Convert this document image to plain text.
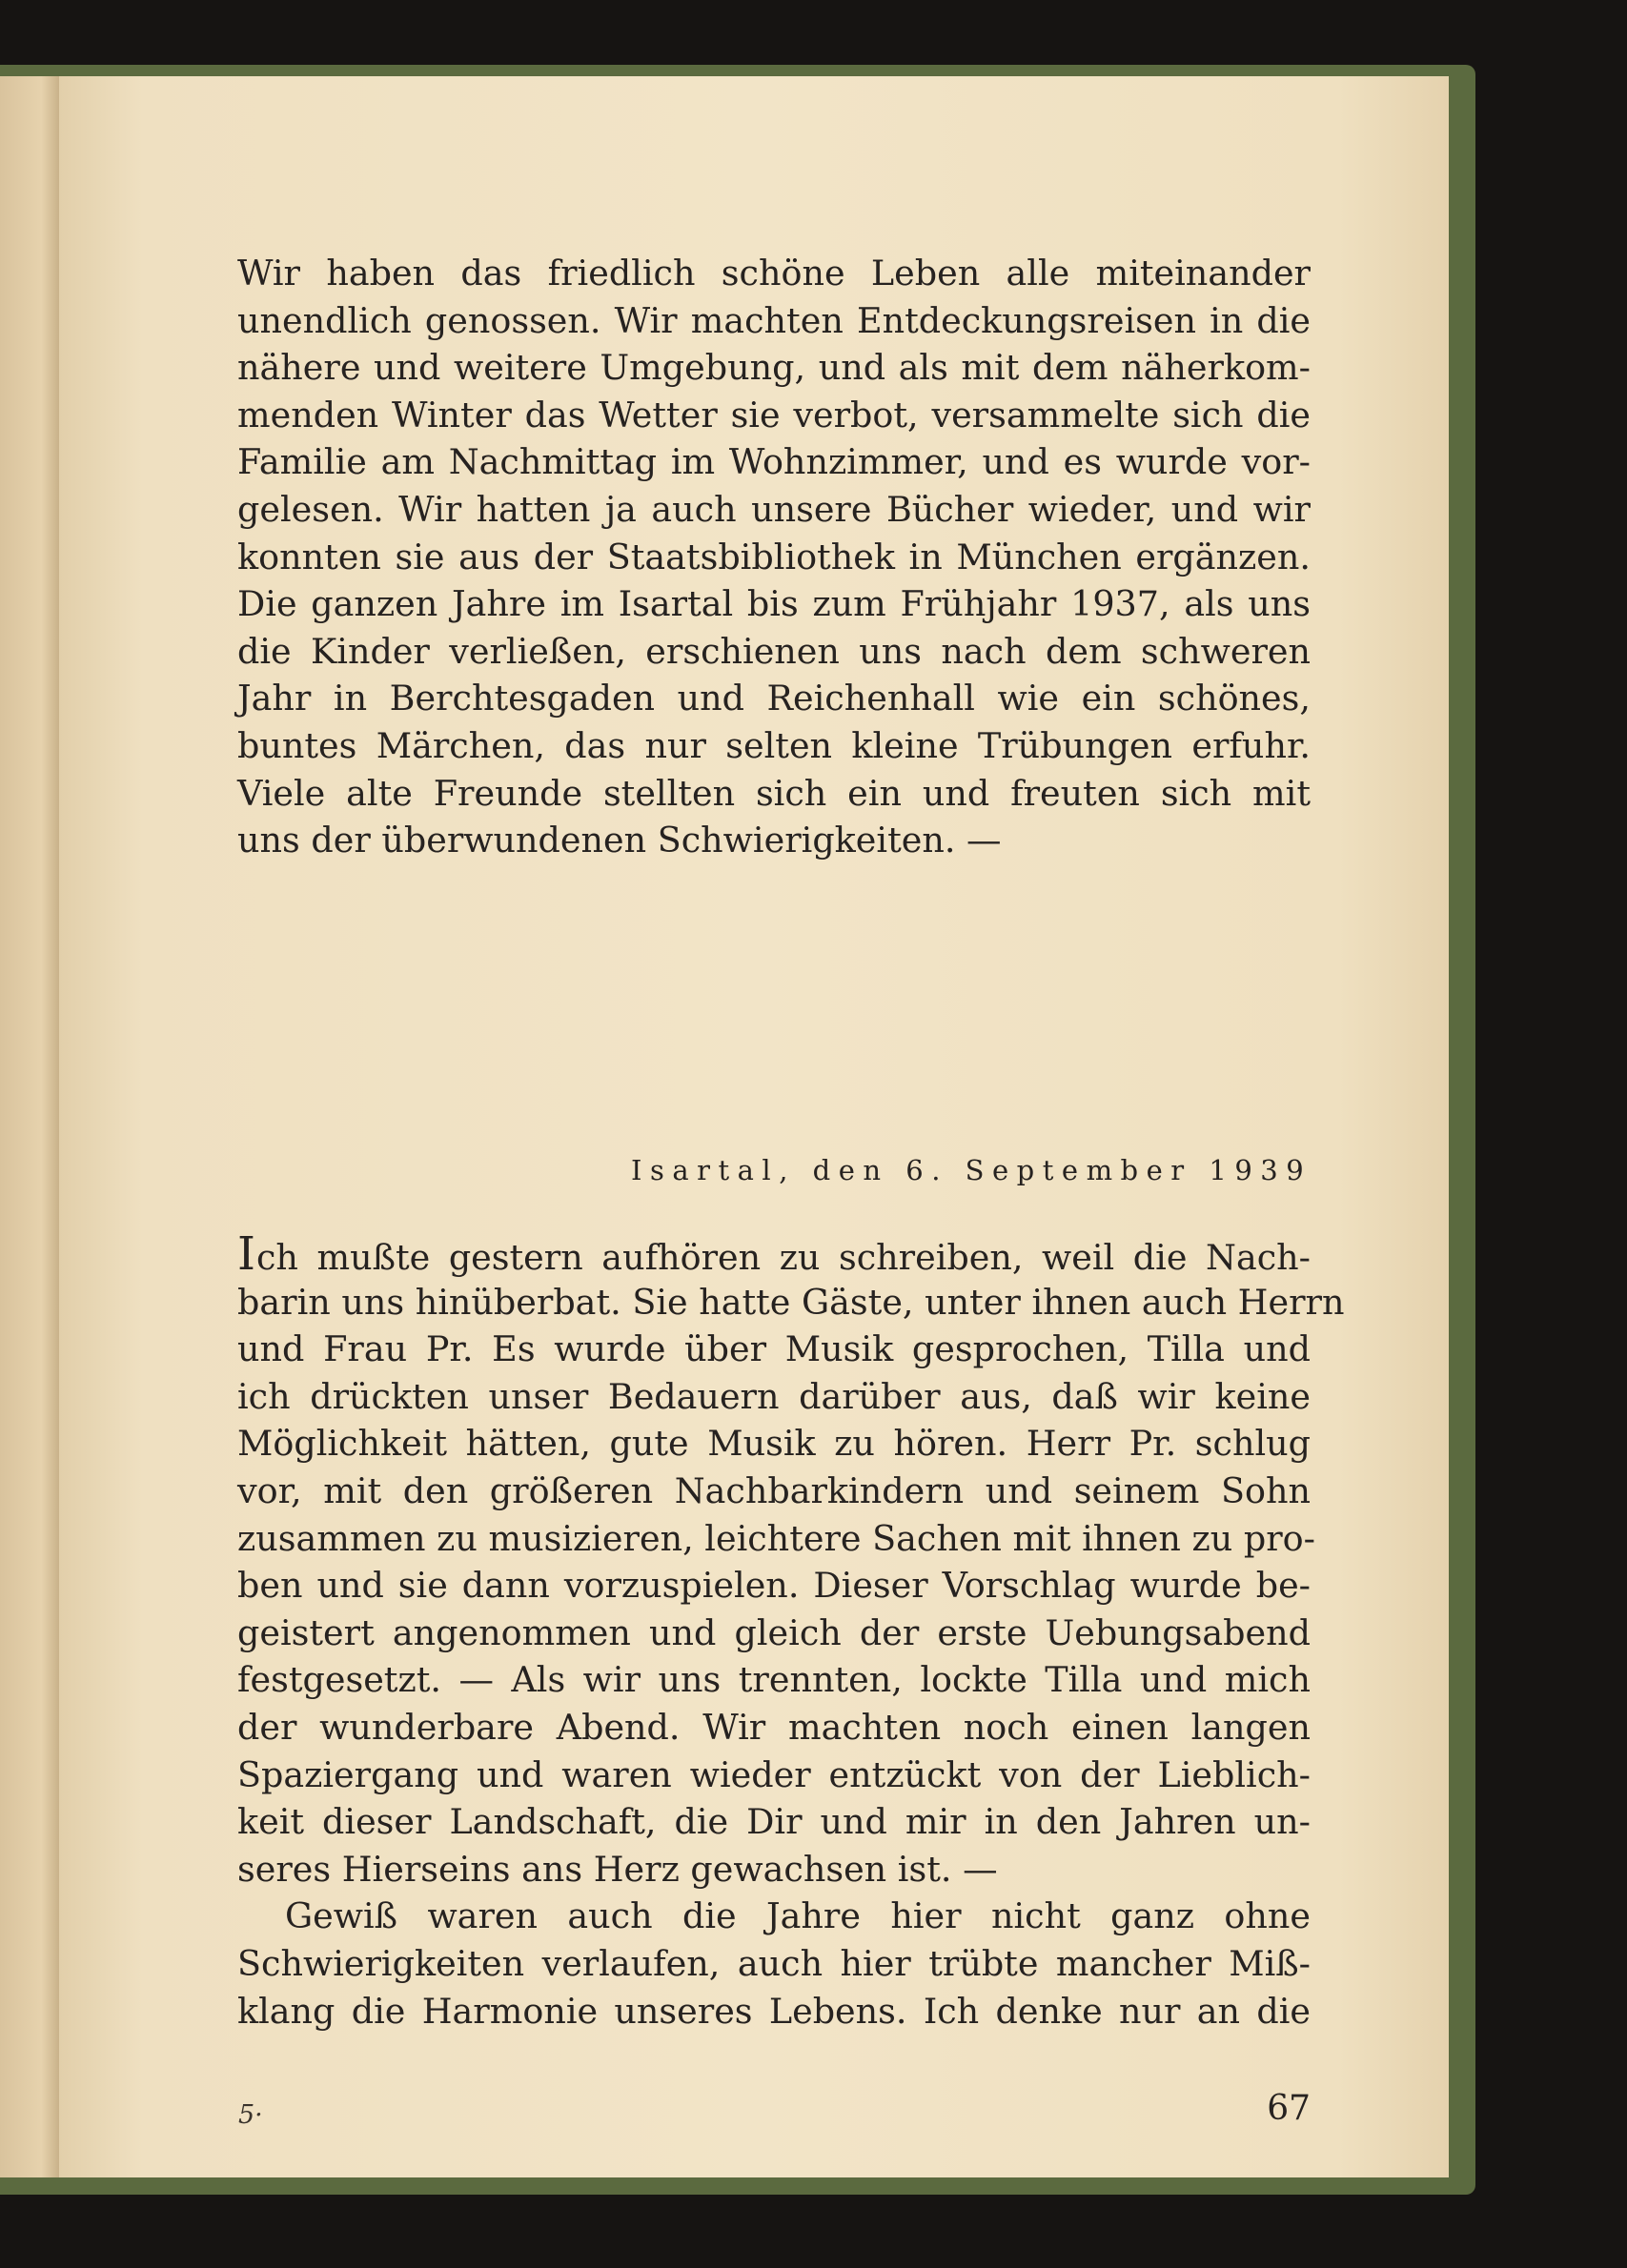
Wir haben das friedlich schöne Leben alle miteinander
unendlich genossen. Wir machten Entdeckungsreisen in die
nähere und weitere Umgebung, und als mit dem näherkom-
menden Winter das Wetter sie verbot, versammelte sich die
Familie am Nachmittag im Wohnzimmer, und es wurde vor-
gelesen. Wir hatten ja auch unsere Bücher wieder, und wir
konnten sie aus der Staatsbibliothek in München ergänzen.
Die ganzen Jahre im Isartal bis zum Frühjahr 1937, als uns
die Kinder verließen, erschienen uns nach dem schweren
Jahr in Berchtesgaden und Reichenhall wie ein schönes,
buntes Märchen, das nur selten kleine Trübungen erfuhr.
Viele alte Freunde stellten sich ein und freuten sich mit
uns der überwundenen Schwierigkeiten. —
Isartal, den 6. September 1939
Ich mußte gestern aufhören zu schreiben, weil die Nach-
barin uns hinüberbat. Sie hatte Gäste, unter ihnen auch Herrn
und Frau Pr. Es wurde über Musik gesprochen, Tilla und
ich drückten unser Bedauern darüber aus, daß wir keine
Möglichkeit hätten, gute Musik zu hören. Herr Pr. schlug
vor, mit den größeren Nachbarkindern und seinem Sohn
zusammen zu musizieren, leichtere Sachen mit ihnen zu pro-
ben und sie dann vorzuspielen. Dieser Vorschlag wurde be-
geistert angenommen und gleich der erste Uebungsabend
festgesetzt. — Als wir uns trennten, lockte Tilla und mich
der wunderbare Abend. Wir machten noch einen langen
Spaziergang und waren wieder entzückt von der Lieblich-
keit dieser Landschaft, die Dir und mir in den Jahren un-
seres Hierseins ans Herz gewachsen ist. —
Gewiß waren auch die Jahre hier nicht ganz ohne
Schwierigkeiten verlaufen, auch hier trübte mancher Miß-
klang die Harmonie unseres Lebens. Ich denke nur an die
5·	67
